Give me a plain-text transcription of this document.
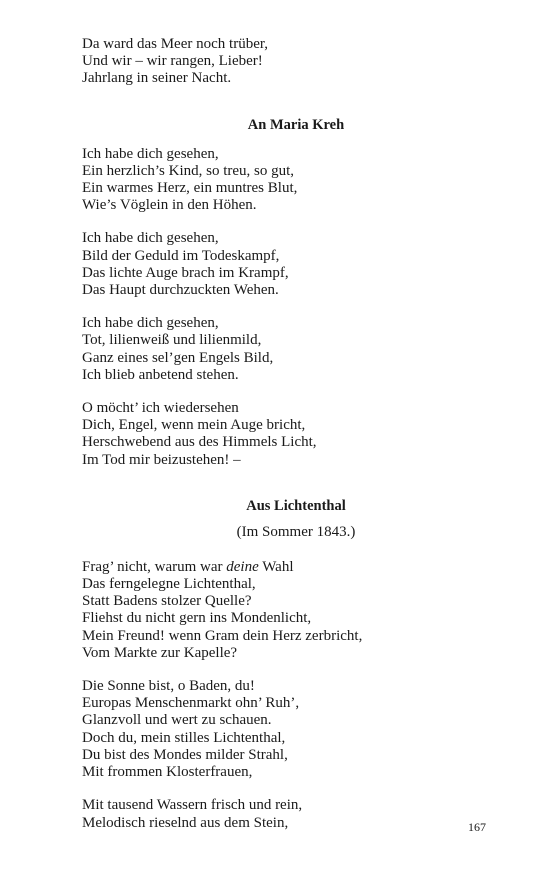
Da ward das Meer noch trüber,
Und wir – wir rangen, Lieber!
Jahrlang in seiner Nacht.
An Maria Kreh
Ich habe dich gesehen,
Ein herzlich’s Kind, so treu, so gut,
Ein warmes Herz, ein muntres Blut,
Wie’s Vöglein in den Höhen.
Ich habe dich gesehen,
Bild der Geduld im Todeskampf,
Das lichte Auge brach im Krampf,
Das Haupt durchzuckten Wehen.
Ich habe dich gesehen,
Tot, lilienweiß und lilienmild,
Ganz eines sel’gen Engels Bild,
Ich blieb anbetend stehen.
O möcht’ ich wiedersehen
Dich, Engel, wenn mein Auge bricht,
Herschwebend aus des Himmels Licht,
Im Tod mir beizustehen! –
Aus Lichtenthal
(Im Sommer 1843.)
Frag’ nicht, warum war deine Wahl
Das ferngelegne Lichtenthal,
Statt Badens stolzer Quelle?
Fliehst du nicht gern ins Mondenlicht,
Mein Freund! wenn Gram dein Herz zerbricht,
Vom Markte zur Kapelle?
Die Sonne bist, o Baden, du!
Europas Menschenmarkt ohn’ Ruh’,
Glanzvoll und wert zu schauen.
Doch du, mein stilles Lichtenthal,
Du bist des Mondes milder Strahl,
Mit frommen Klosterfrauen,
Mit tausend Wassern frisch und rein,
Melodisch rieselnd aus dem Stein,	167
